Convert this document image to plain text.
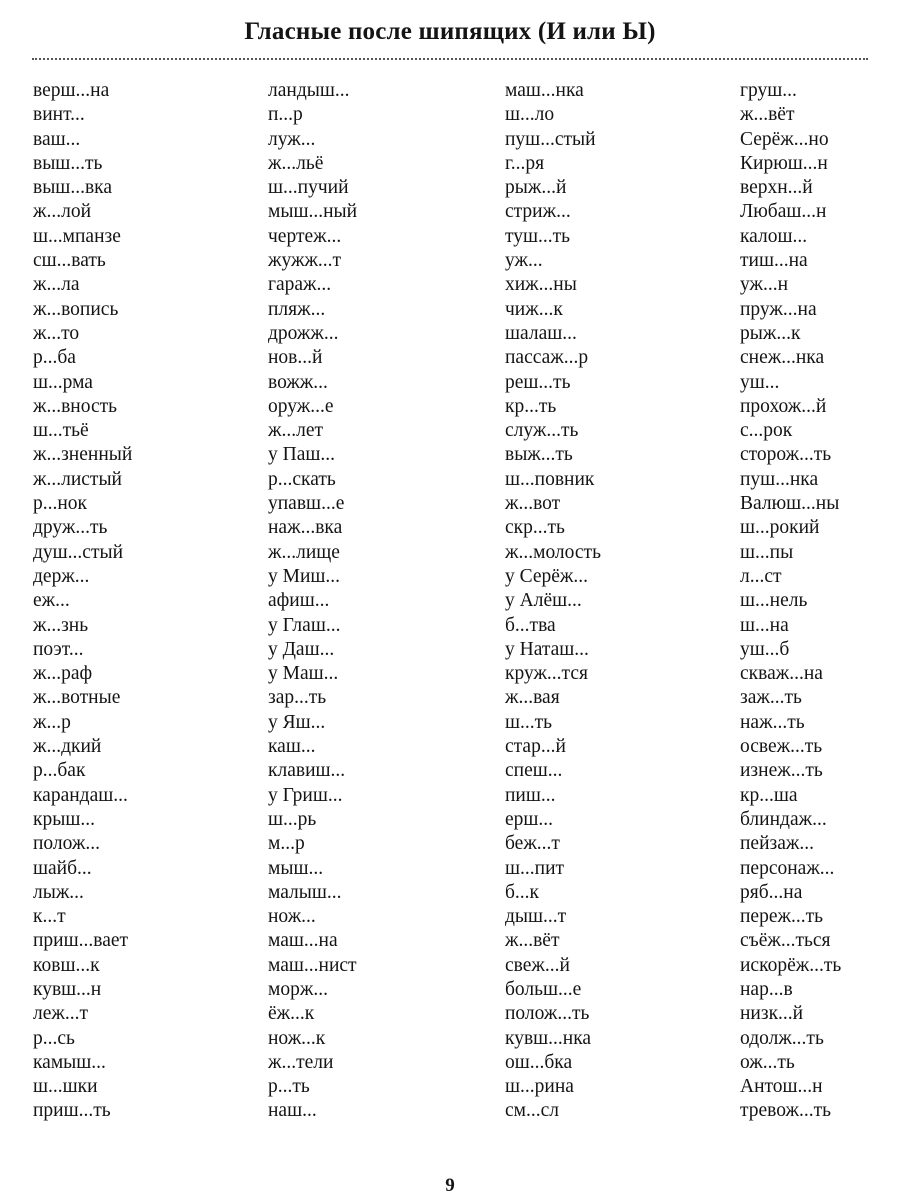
Гласные после шипящих (И или Ы)
верш...на
винт...
ваш...
выш...ть
выш...вка
ж...лой
ш...мпанзе
сш...вать
ж...ла
ж...вопись
ж...то
р...ба
ш...рма
ж...вность
ш...тьё
ж...зненный
ж...листый
р...нок
друж...ть
душ...стый
держ...
еж...
ж...знь
поэт...
ж...раф
ж...вотные
ж...р
ж...дкий
р...бак
карандаш...
крыш...
полож...
шайб...
лыж...
к...т
приш...вает
ковш...к
кувш...н
леж...т
р...сь
камыш...
ш...шки
приш...ть
ландыш...
п...р
луж...
ж...льё
ш...пучий
мыш...ный
чертеж...
жужж...т
гараж...
пляж...
дрожж...
нов...й
вожж...
оруж...е
ж...лет
у Паш...
р...скать
упавш...е
наж...вка
ж...лище
у Миш...
афиш...
у Глаш...
у Даш...
у Маш...
зар...ть
у Яш...
каш...
клавиш...
у Гриш...
ш...рь
м...р
мыш...
малыш...
нож...
маш...на
маш...нист
морж...
ёж...к
нож...к
ж...тели
р...ть
наш...
маш...нка
ш...ло
пуш...стый
г...ря
рыж...й
стриж...
туш...ть
уж...
хиж...ны
чиж...к
шалаш...
пассаж...р
реш...ть
кр...ть
служ...ть
выж...ть
ш...повник
ж...вот
скр...ть
ж...молость
у Серёж...
у Алёш...
б...тва
у Наташ...
круж...тся
ж...вая
ш...ть
стар...й
спеш...
пиш...
ерш...
беж...т
ш...пит
б...к
дыш...т
ж...вёт
свеж...й
больш...е
полож...ть
кувш...нка
ош...бка
ш...рина
см...сл
груш...
ж...вёт
Серёж...но
Кирюш...н
верхн...й
Любаш...н
калош...
тиш...на
уж...н
пруж...на
рыж...к
снеж...нка
уш...
прохож...й
с...рок
сторож...ть
пуш...нка
Валюш...ны
ш...рокий
ш...пы
л...ст
ш...нель
ш...на
уш...б
скваж...на
заж...ть
наж...ть
освеж...ть
изнеж...ть
кр...ша
блиндаж...
пейзаж...
персонаж...
ряб...на
переж...ть
съёж...ться
искорёж...ть
нар...в
низк...й
одолж...ть
ож...ть
Антош...н
тревож...ть
9
